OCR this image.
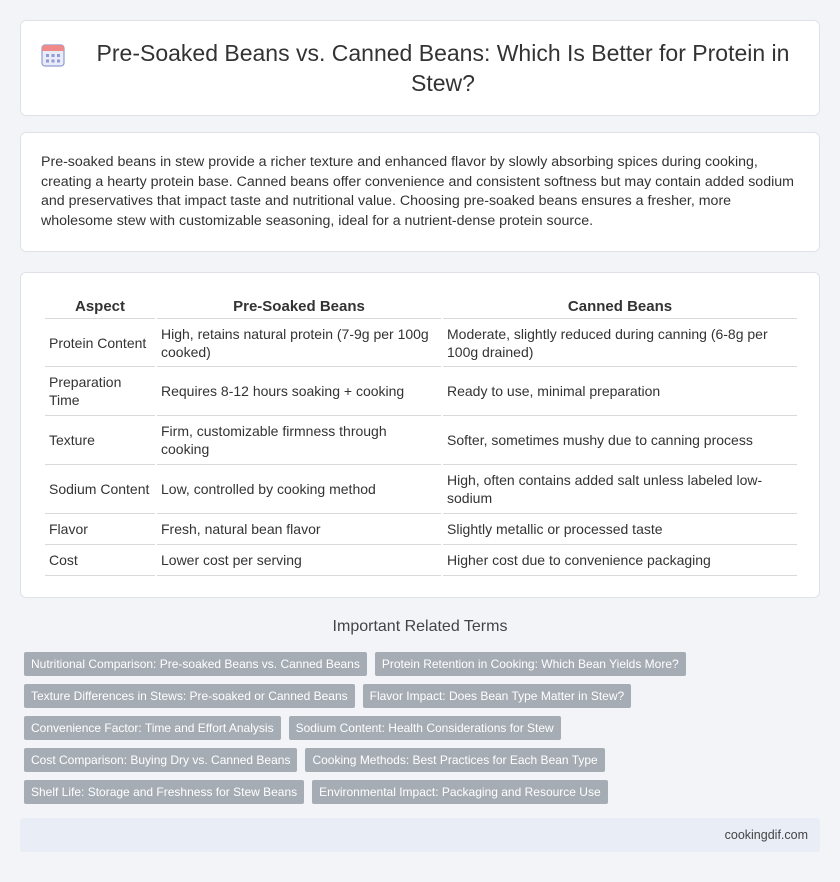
Pre-Soaked Beans vs. Canned Beans: Which Is Better for Protein in Stew?

Pre-soaked beans in stew provide a richer texture and enhanced flavor by slowly absorbing spices during cooking, creating a hearty protein base. Canned beans offer convenience and consistent softness but may contain added sodium and preservatives that impact taste and nutritional value. Choosing pre-soaked beans ensures a fresher, more wholesome stew with customizable seasoning, ideal for a nutrient-dense protein source.

Aspect	Pre-Soaked Beans	Canned Beans
Protein Content	High, retains natural protein (7-9g per 100g cooked)	Moderate, slightly reduced during canning (6-8g per 100g drained)
Preparation Time	Requires 8-12 hours soaking + cooking	Ready to use, minimal preparation
Texture	Firm, customizable firmness through cooking	Softer, sometimes mushy due to canning process
Sodium Content	Low, controlled by cooking method	High, often contains added salt unless labeled low-sodium
Flavor	Fresh, natural bean flavor	Slightly metallic or processed taste
Cost	Lower cost per serving	Higher cost due to convenience packaging
Important Related Terms
Nutritional Comparison: Pre-soaked Beans vs. Canned Beans	Protein Retention in Cooking: Which Bean Yields More?
Texture Differences in Stews: Pre-soaked or Canned Beans	Flavor Impact: Does Bean Type Matter in Stew?
Convenience Factor: Time and Effort Analysis	Sodium Content: Health Considerations for Stew
Cost Comparison: Buying Dry vs. Canned Beans	Cooking Methods: Best Practices for Each Bean Type
Shelf Life: Storage and Freshness for Stew Beans	Environmental Impact: Packaging and Resource Use
cookingdif.com
